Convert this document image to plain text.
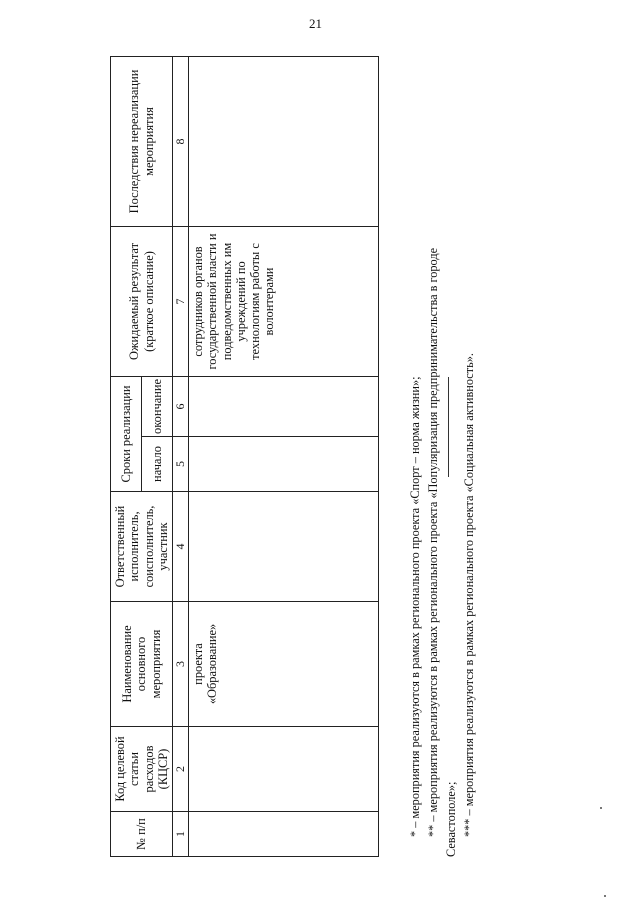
21
№ п/п	Код целевой статьи расходов (КЦСР)	Наименование основного мероприятия	Ответственный исполнитель, соисполнитель, участник	Сроки реализации		Ожидаемый результат (краткое описание)	Последствия нереализации мероприятия
				начало	окончание		
1	2	3	4	5	6	7	8
		проекта «Образование»				сотрудников органов государственной власти и подведомственных им учреждений по технологиям работы с волонтерами	

* – мероприятия реализуются в рамках регионального проекта «Спорт – норма жизни»; ** – мероприятия реализуются в рамках регионального проекта «Популяризация предпринимательства в городе Севастополе»; *** – мероприятия реализуются в рамках регионального проекта «Социальная активность».
